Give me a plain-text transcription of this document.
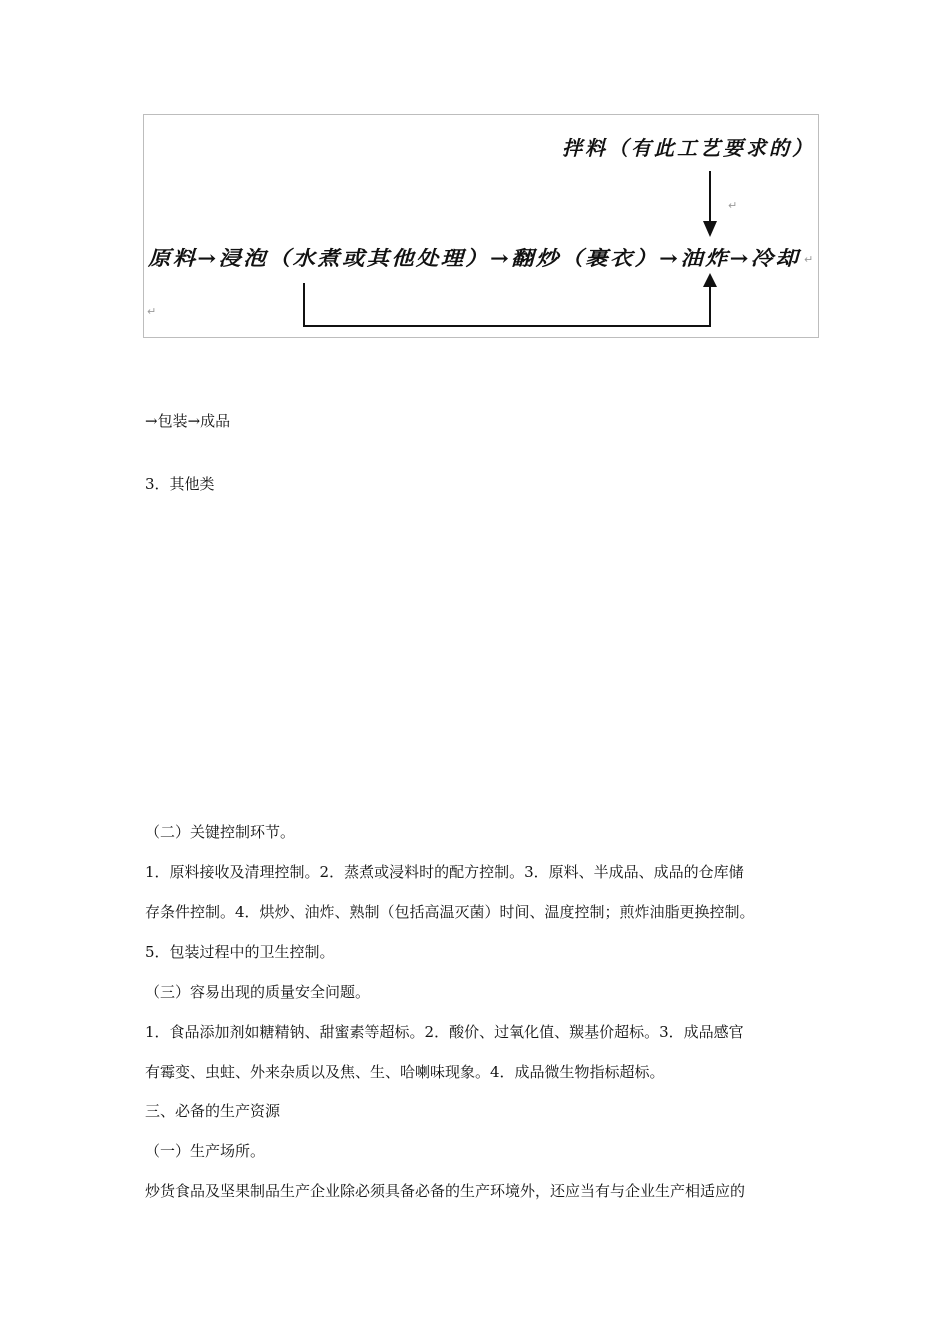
拌料（有此工艺要求的）
↵
原料→浸泡（水煮或其他处理）→翻炒（裹衣）→油炸→冷却 ↵
↵
→包装→成品
3．其他类
（二）关键控制环节。
1．原料接收及清理控制。2．蒸煮或浸料时的配方控制。3．原料、半成品、成品的仓库储
存条件控制。4．烘炒、油炸、熟制（包括高温灭菌）时间、温度控制；煎炸油脂更换控制。
5．包装过程中的卫生控制。
（三）容易出现的质量安全问题。
1．食品添加剂如糖精钠、甜蜜素等超标。2．酸价、过氧化值、羰基价超标。3．成品感官
有霉变、虫蛀、外来杂质以及焦、生、哈喇味现象。4．成品微生物指标超标。
三、必备的生产资源
（一）生产场所。
炒货食品及坚果制品生产企业除必须具备必备的生产环境外，还应当有与企业生产相适应的
